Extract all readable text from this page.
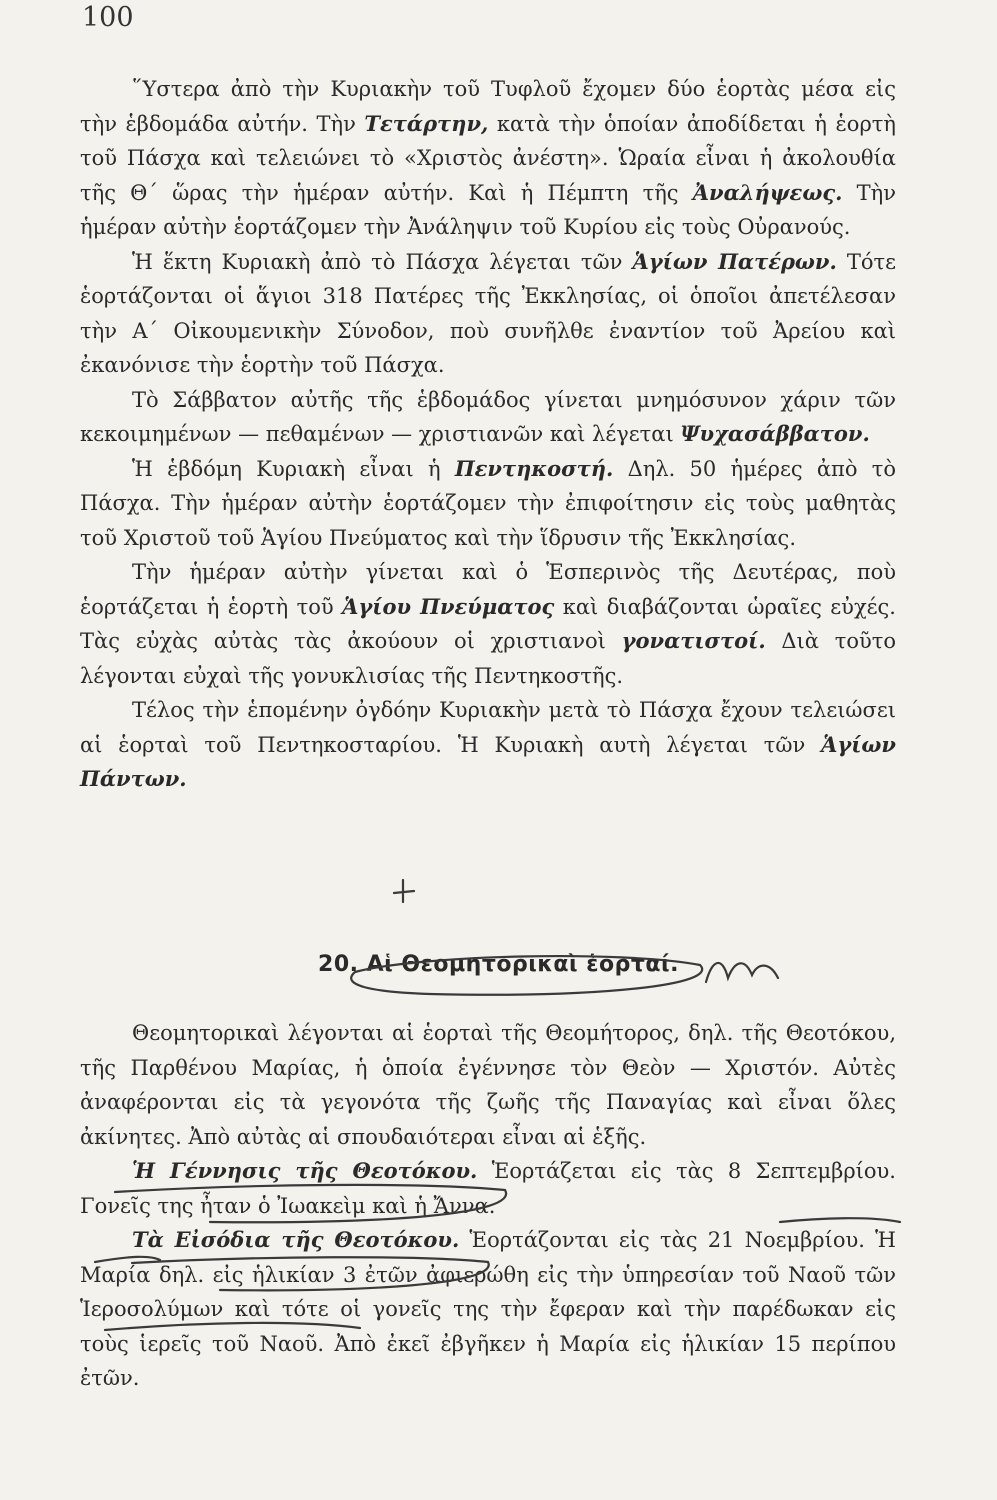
100

῞Υστερα ἀπὸ τὴν Κυριακὴν τοῦ Τυφλοῦ ἔχομεν δύο ἑορτὰς μέσα εἰς τὴν ἑβδομάδα αὐτήν. Τὴν Τετάρτην, κατὰ τὴν ὁποίαν ἀποδίδεται ἡ ἑορτὴ τοῦ Πάσχα καὶ τελειώνει τὸ «Χριστὸς ἀνέστη». Ὡραία εἶναι ἡ ἀκολουθία τῆς Θ΄ ὥρας τὴν ἡμέραν αὐτήν. Καὶ ἡ Πέμπτη τῆς Ἀναλήψεως. Τὴν ἡμέραν αὐτὴν ἑορτάζομεν τὴν Ἀνάληψιν τοῦ Κυρίου εἰς τοὺς Οὐρανούς.

Ἡ ἕκτη Κυριακὴ ἀπὸ τὸ Πάσχα λέγεται τῶν Ἁγίων Πατέρων. Τότε ἑορτάζονται οἱ ἅγιοι 318 Πατέρες τῆς Ἐκκλησίας, οἱ ὁποῖοι ἀπετέλεσαν τὴν Α΄ Οἰκουμενικὴν Σύνοδον, ποὺ συνῆλθε ἐναντίον τοῦ Ἀρείου καὶ ἐκανόνισε τὴν ἑορτὴν τοῦ Πάσχα.

Τὸ Σάββατον αὐτῆς τῆς ἑβδομάδος γίνεται μνημόσυνον χάριν τῶν κεκοιμημένων — πεθαμένων — χριστιανῶν καὶ λέγεται Ψυχασάββατον.

Ἡ ἑβδόμη Κυριακὴ εἶναι ἡ Πεντηκοστή. Δηλ. 50 ἡμέρες ἀπὸ τὸ Πάσχα. Τὴν ἡμέραν αὐτὴν ἑορτάζομεν τὴν ἐπιφοίτησιν εἰς τοὺς μαθητὰς τοῦ Χριστοῦ τοῦ Ἁγίου Πνεύματος καὶ τὴν ἵδρυσιν τῆς Ἐκκλησίας.

Τὴν ἡμέραν αὐτὴν γίνεται καὶ ὁ Ἑσπερινὸς τῆς Δευτέρας, ποὺ ἑορτάζεται ἡ ἑορτὴ τοῦ Ἁγίου Πνεύματος καὶ διαβάζονται ὡραῖες εὐχές. Τὰς εὐχὰς αὐτὰς τὰς ἀκούουν οἱ χριστιανοὶ γονατιστοί. Διὰ τοῦτο λέγονται εὐχαὶ τῆς γονυκλισίας τῆς Πεντηκοστῆς.

Τέλος τὴν ἑπομένην ὀγδόην Κυριακὴν μετὰ τὸ Πάσχα ἔχουν τελειώσει αἱ ἑορταὶ τοῦ Πεντηκοσταρίου. Ἡ Κυριακὴ αυτὴ λέγεται τῶν Ἁγίων Πάντων.

20. Αἱ Θεομητορικαὶ ἑορταί.

Θεομητορικαὶ λέγονται αἱ ἑορταὶ τῆς Θεομήτορος, δηλ. τῆς Θεοτόκου, τῆς Παρθένου Μαρίας, ἡ ὁποία ἐγέννησε τὸν Θεὸν — Χριστόν. Αὐτὲς ἀναφέρονται εἰς τὰ γεγονότα τῆς ζωῆς τῆς Παναγίας καὶ εἶναι ὅλες ἀκίνητες. Ἀπὸ αὐτὰς αἱ σπουδαιότεραι εἶναι αἱ ἑξῆς.

Ἡ Γέννησις τῆς Θεοτόκου. Ἑορτάζεται εἰς τὰς 8 Σεπτεμβρίου. Γονεῖς της ἦταν ὁ Ἰωακεὶμ καὶ ἡ Ἄννα.

Τὰ Εἰσόδια τῆς Θεοτόκου. Ἑορτάζονται εἰς τὰς 21 Νοεμβρίου. Ἡ Μαρία δηλ. εἰς ἡλικίαν 3 ἐτῶν ἀφιερώθη εἰς τὴν ὑπηρεσίαν τοῦ Ναοῦ τῶν Ἱεροσολύμων καὶ τότε οἱ γονεῖς της τὴν ἔφεραν καὶ τὴν παρέδωκαν εἰς τοὺς ἱερεῖς τοῦ Ναοῦ. Ἀπὸ ἐκεῖ ἐβγῆκεν ἡ Μαρία εἰς ἡλικίαν 15 περίπου ἐτῶν.
